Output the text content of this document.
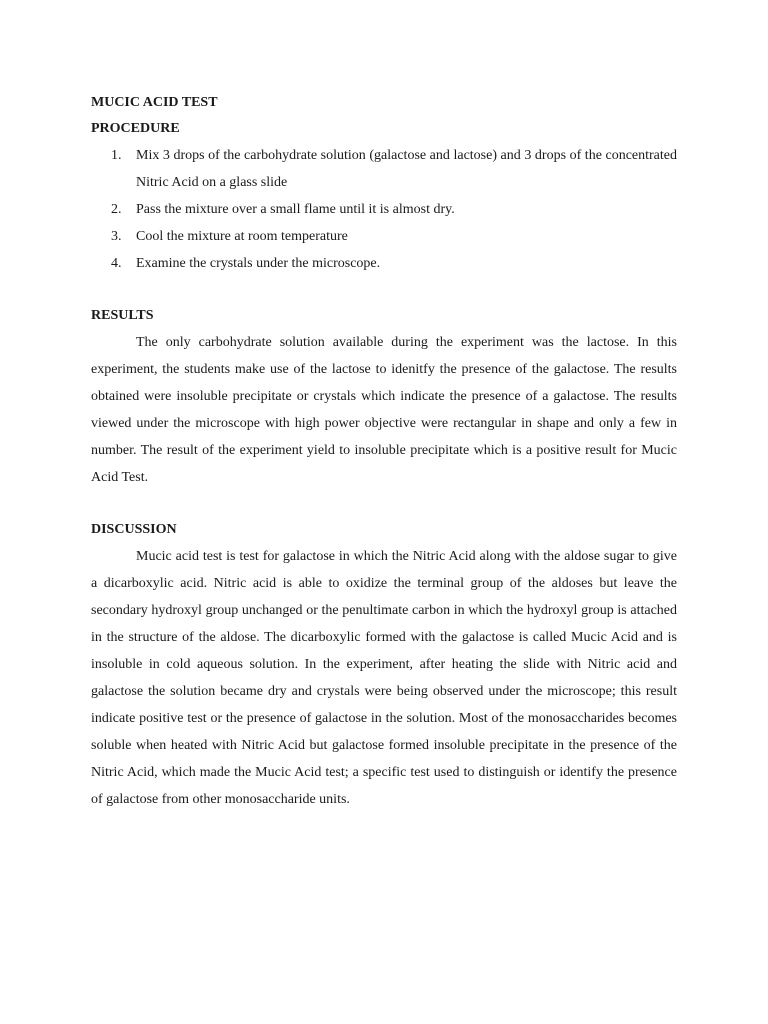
MUCIC ACID TEST
PROCEDURE
1. Mix 3 drops of the carbohydrate solution (galactose and lactose) and 3 drops of the concentrated Nitric Acid on a glass slide
2. Pass the mixture over a small flame until it is almost dry.
3. Cool the mixture at room temperature
4. Examine the crystals under the microscope.
RESULTS

The only carbohydrate solution available during the experiment was the lactose. In this experiment, the students make use of the lactose to idenitfy the presence of the galactose. The results obtained were insoluble precipitate or crystals which indicate the presence of a galactose. The results viewed under the microscope with high power objective were rectangular in shape and only a few in number. The result of the experiment yield to insoluble precipitate which is a positive result for Mucic Acid Test.

DISCUSSION

Mucic acid test is test for galactose in which the Nitric Acid along with the aldose sugar to give a dicarboxylic acid. Nitric acid is able to oxidize the terminal group of the aldoses but leave the secondary hydroxyl group unchanged or the penultimate carbon in which the hydroxyl group is attached in the structure of the aldose. The dicarboxylic formed with the galactose is called Mucic Acid and is insoluble in cold aqueous solution. In the experiment, after heating the slide with Nitric acid and galactose the solution became dry and crystals were being observed under the microscope; this result indicate positive test or the presence of galactose in the solution. Most of the monosaccharides becomes soluble when heated with Nitric Acid but galactose formed insoluble precipitate in the presence of the Nitric Acid, which made the Mucic Acid test; a specific test used to distinguish or identify the presence of galactose from other monosaccharide units.
